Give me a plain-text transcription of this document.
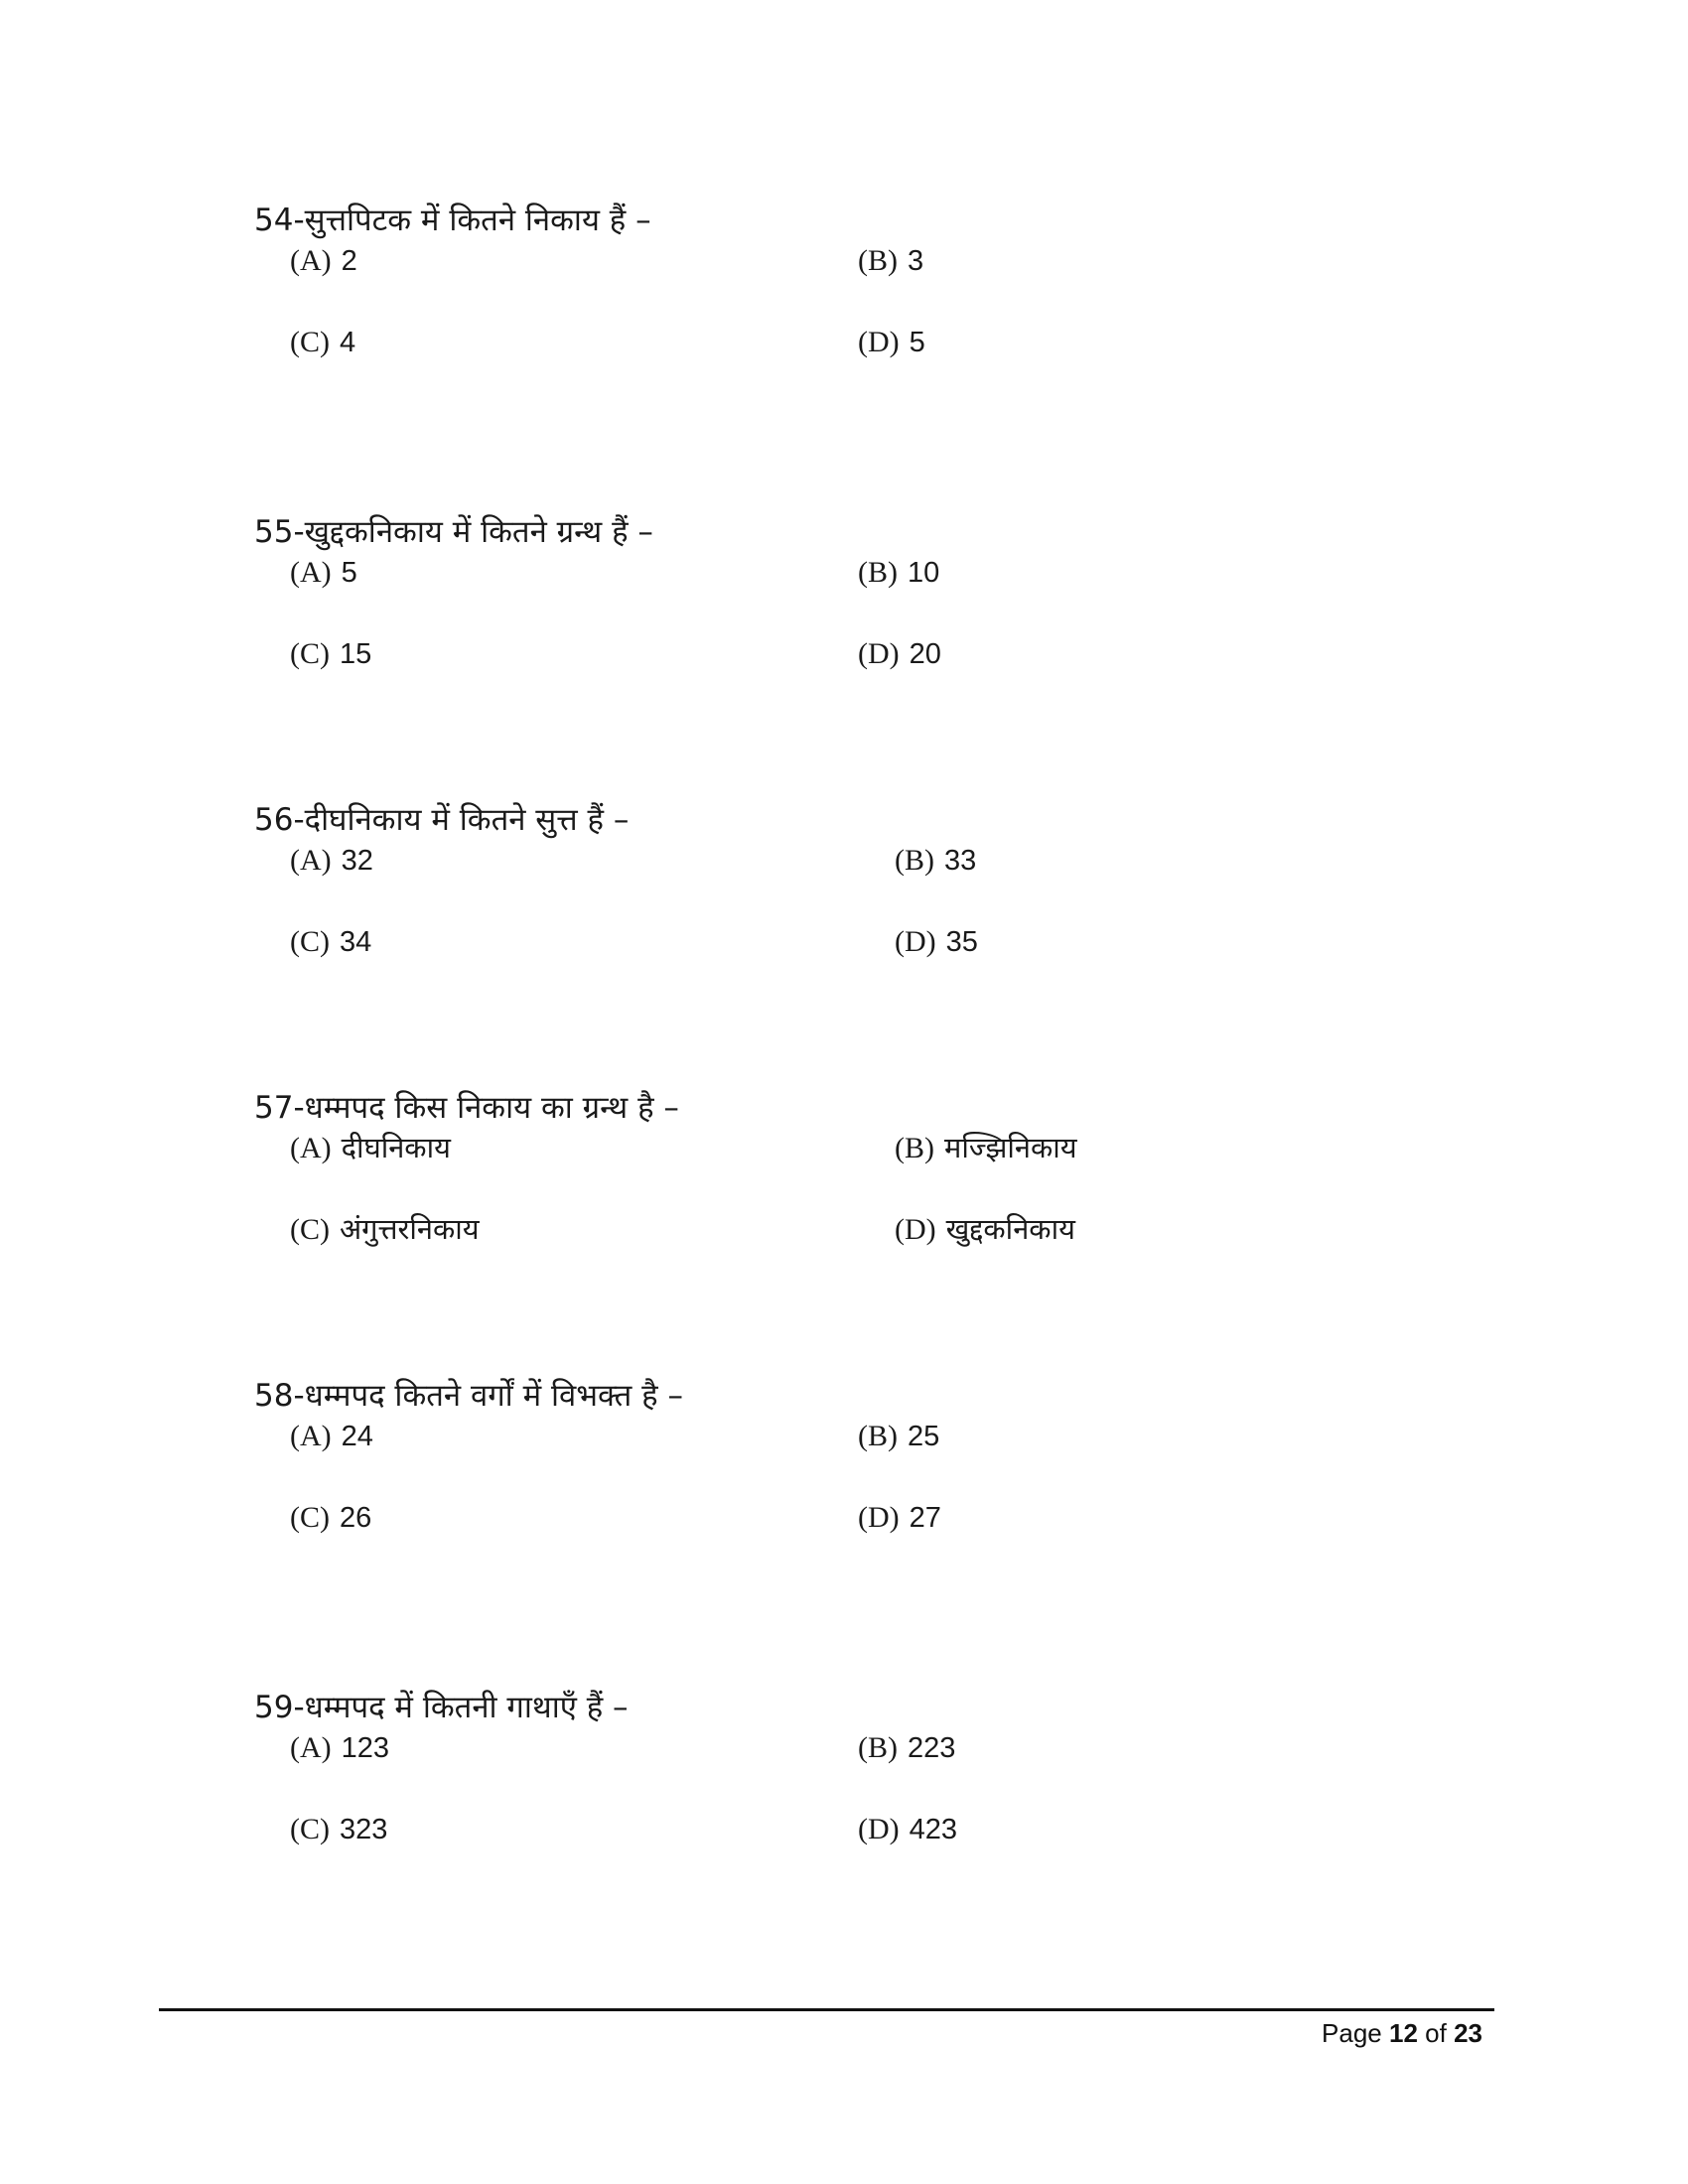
54-सुत्तपिटक में कितने निकाय हैं –
(A) 2	(B) 3
(C) 4	(D) 5
55-खुद्दकनिकाय में कितने ग्रन्थ हैं –
(A) 5	(B) 10
(C) 15	(D) 20
56-दीघनिकाय में कितने सुत्त हैं –
(A) 32	(B) 33
(C) 34	(D) 35
57-धम्मपद किस निकाय का ग्रन्थ है –
(A) दीघनिकाय	(B) मज्झिनिकाय
(C) अंगुत्तरनिकाय	(D) खुद्दकनिकाय
58-धम्मपद कितने वर्गों में विभक्त है –
(A) 24	(B) 25
(C) 26	(D) 27
59-धम्मपद में कितनी गाथाएँ हैं –
(A) 123	(B) 223
(C) 323	(D) 423
Page 12 of 23
